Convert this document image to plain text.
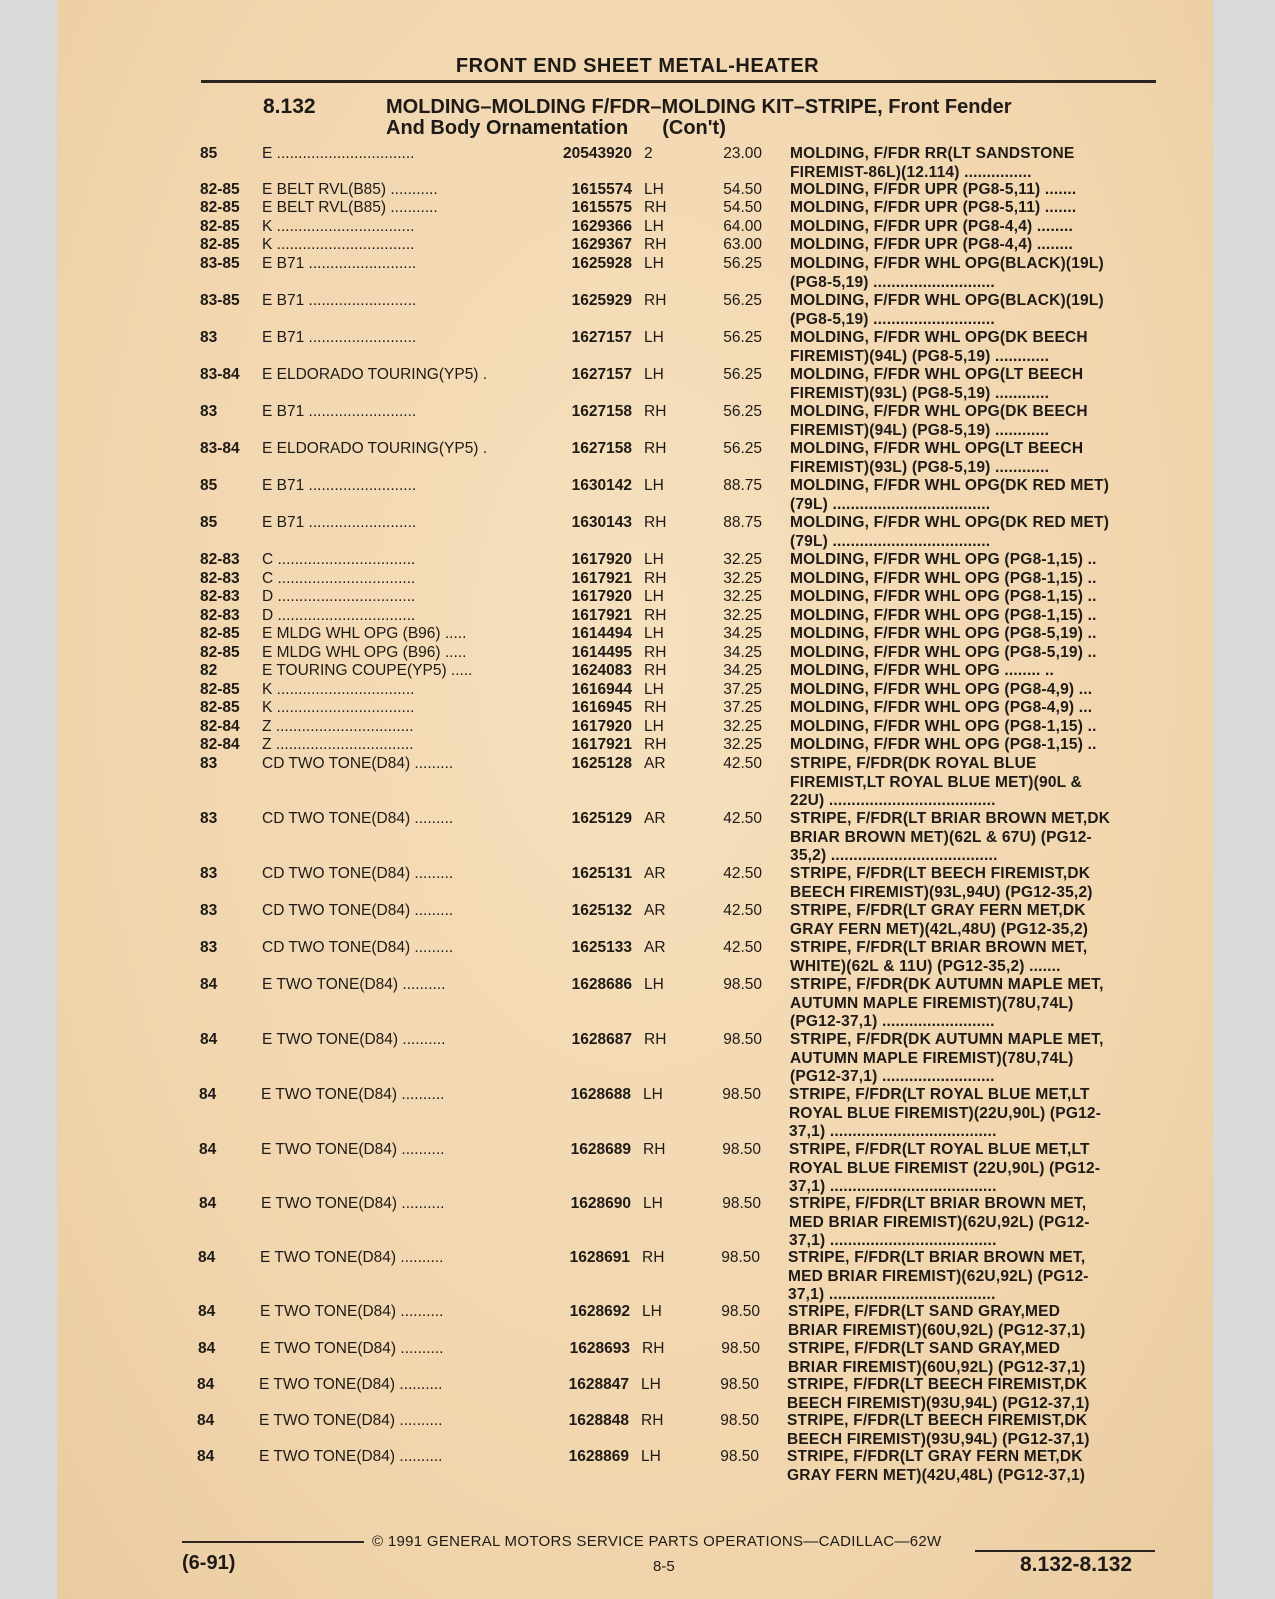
FRONT END SHEET METAL-HEATER
8.132	MOLDING–MOLDING F/FDR–MOLDING KIT–STRIPE, Front Fender
And Body Ornamentation (Con't)
85	E ................................	20543920 2	23.00 MOLDING, F/FDR RR(LT SANDSTONE
FIREMIST-86L)(12.114) ...............
82-85 E BELT RVL(B85) ...........	1615574 LH	54.50 MOLDING, F/FDR UPR (PG8-5,11) .......
82-85 E BELT RVL(B85) ...........	1615575 RH	54.50 MOLDING, F/FDR UPR (PG8-5,11) .......
82-85 K ................................	1629366 LH	64.00 MOLDING, F/FDR UPR (PG8-4,4) ........
82-85 K ................................	1629367 RH	63.00 MOLDING, F/FDR UPR (PG8-4,4) ........
83-85 E B71 .........................	1625928 LH	56.25 MOLDING, F/FDR WHL OPG(BLACK)(19L)
(PG8-5,19) ...........................
83-85 E B71 .........................	1625929 RH	56.25 MOLDING, F/FDR WHL OPG(BLACK)(19L)
(PG8-5,19) ...........................
83	E B71 .........................	1627157 LH	56.25 MOLDING, F/FDR WHL OPG(DK BEECH
FIREMIST)(94L) (PG8-5,19) ............
83-84 E ELDORADO TOURING(YP5) .	1627157 LH	56.25 MOLDING, F/FDR WHL OPG(LT BEECH
FIREMIST)(93L) (PG8-5,19) ............
83	E B71 .........................	1627158 RH	56.25 MOLDING, F/FDR WHL OPG(DK BEECH
FIREMIST)(94L) (PG8-5,19) ............
83-84 E ELDORADO TOURING(YP5) .	1627158 RH	56.25 MOLDING, F/FDR WHL OPG(LT BEECH
FIREMIST)(93L) (PG8-5,19) ............
85	E B71 .........................	1630142 LH	88.75 MOLDING, F/FDR WHL OPG(DK RED MET)
(79L) ...................................
85	E B71 .........................	1630143 RH	88.75 MOLDING, F/FDR WHL OPG(DK RED MET)
(79L) ...................................
82-83 C ................................	1617920 LH	32.25 MOLDING, F/FDR WHL OPG (PG8-1,15) ..
82-83 C ................................	1617921 RH	32.25 MOLDING, F/FDR WHL OPG (PG8-1,15) ..
82-83 D ................................	1617920 LH	32.25 MOLDING, F/FDR WHL OPG (PG8-1,15) ..
82-83 D ................................	1617921 RH	32.25 MOLDING, F/FDR WHL OPG (PG8-1,15) ..
82-85 E MLDG WHL OPG (B96) .....	1614494 LH	34.25 MOLDING, F/FDR WHL OPG (PG8-5,19) ..
82-85 E MLDG WHL OPG (B96) .....	1614495 RH	34.25 MOLDING, F/FDR WHL OPG (PG8-5,19) ..
82	E TOURING COUPE(YP5) .....	1624083 RH	34.25 MOLDING, F/FDR WHL OPG ........ ..
82-85 K ................................	1616944 LH	37.25 MOLDING, F/FDR WHL OPG (PG8-4,9) ...
82-85 K ................................	1616945 RH	37.25 MOLDING, F/FDR WHL OPG (PG8-4,9) ...
82-84 Z ................................	1617920 LH	32.25 MOLDING, F/FDR WHL OPG (PG8-1,15) ..
82-84 Z ................................	1617921 RH	32.25 MOLDING, F/FDR WHL OPG (PG8-1,15) ..
83	CD TWO TONE(D84) .........	1625128 AR	42.50 STRIPE, F/FDR(DK ROYAL BLUE
FIREMIST,LT ROYAL BLUE MET)(90L &
22U) .....................................
83	CD TWO TONE(D84) .........	1625129 AR	42.50 STRIPE, F/FDR(LT BRIAR BROWN MET,DK
BRIAR BROWN MET)(62L & 67U) (PG12-
35,2) .....................................
83	CD TWO TONE(D84) .........	1625131 AR	42.50 STRIPE, F/FDR(LT BEECH FIREMIST,DK
BEECH FIREMIST)(93L,94U) (PG12-35,2)
83	CD TWO TONE(D84) .........	1625132 AR	42.50 STRIPE, F/FDR(LT GRAY FERN MET,DK
GRAY FERN MET)(42L,48U) (PG12-35,2)
83	CD TWO TONE(D84) .........	1625133 AR	42.50 STRIPE, F/FDR(LT BRIAR BROWN MET,
WHITE)(62L & 11U) (PG12-35,2) .......
84	E TWO TONE(D84) ..........	1628686 LH	98.50 STRIPE, F/FDR(DK AUTUMN MAPLE MET,
AUTUMN MAPLE FIREMIST)(78U,74L)
(PG12-37,1) .........................
84	E TWO TONE(D84) ..........	1628687 RH	98.50 STRIPE, F/FDR(DK AUTUMN MAPLE MET,
AUTUMN MAPLE FIREMIST)(78U,74L)
(PG12-37,1) .........................
84	E TWO TONE(D84) ..........	1628688 LH	98.50 STRIPE, F/FDR(LT ROYAL BLUE MET,LT
ROYAL BLUE FIREMIST)(22U,90L) (PG12-
37,1) .....................................
84	E TWO TONE(D84) ..........	1628689 RH	98.50 STRIPE, F/FDR(LT ROYAL BLUE MET,LT
ROYAL BLUE FIREMIST (22U,90L) (PG12-
37,1) .....................................
84	E TWO TONE(D84) ..........	1628690 LH	98.50 STRIPE, F/FDR(LT BRIAR BROWN MET,
MED BRIAR FIREMIST)(62U,92L) (PG12-
37,1) .....................................
84	E TWO TONE(D84) ..........	1628691 RH	98.50 STRIPE, F/FDR(LT BRIAR BROWN MET,
MED BRIAR FIREMIST)(62U,92L) (PG12-
37,1) .....................................
84	E TWO TONE(D84) ..........	1628692 LH	98.50 STRIPE, F/FDR(LT SAND GRAY,MED
BRIAR FIREMIST)(60U,92L) (PG12-37,1)
84	E TWO TONE(D84) ..........	1628693 RH	98.50 STRIPE, F/FDR(LT SAND GRAY,MED
BRIAR FIREMIST)(60U,92L) (PG12-37,1)
84	E TWO TONE(D84) ..........	1628847 LH	98.50 STRIPE, F/FDR(LT BEECH FIREMIST,DK
BEECH FIREMIST)(93U,94L) (PG12-37,1)
84	E TWO TONE(D84) ..........	1628848 RH	98.50 STRIPE, F/FDR(LT BEECH FIREMIST,DK
BEECH FIREMIST)(93U,94L) (PG12-37,1)
84	E TWO TONE(D84) ..........	1628869 LH	98.50 STRIPE, F/FDR(LT GRAY FERN MET,DK
GRAY FERN MET)(42U,48L) (PG12-37,1)
© 1991 GENERAL MOTORS SERVICE PARTS OPERATIONS—CADILLAC—62W
(6-91)	8-5	8.132-8.132
